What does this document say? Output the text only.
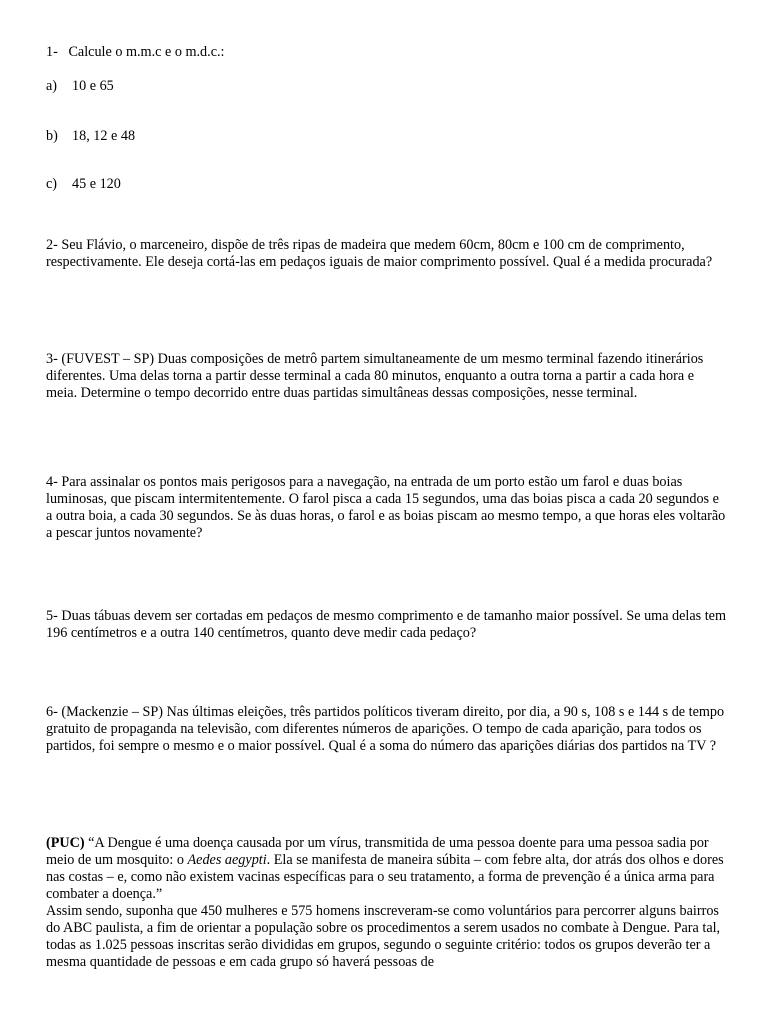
1-   Calcule o m.m.c e o m.d.c.:

a) 10 e 65

b) 18, 12 e 48

c) 45 e 120

2- Seu Flávio, o marceneiro, dispõe de três ripas de madeira que medem 60cm, 80cm e 100 cm de comprimento, respectivamente. Ele deseja cortá-las em pedaços iguais de maior comprimento possível. Qual é a medida procurada?

3- (FUVEST – SP) Duas composições de metrô partem simultaneamente de um mesmo terminal fazendo itinerários diferentes. Uma delas torna a partir desse terminal a cada 80 minutos, enquanto a outra torna a partir a cada hora e meia. Determine o tempo decorrido entre duas partidas simultâneas dessas composições, nesse terminal.

4- Para assinalar os pontos mais perigosos para a navegação, na entrada de um porto estão um farol e duas boias luminosas, que piscam intermitentemente. O farol pisca a cada 15 segundos, uma das boias pisca a cada 20 segundos e a outra boia, a cada 30 segundos. Se às duas horas, o farol e as boias piscam ao mesmo tempo, a que horas eles voltarão a pescar juntos novamente?

5- Duas tábuas devem ser cortadas em pedaços de mesmo comprimento e de tamanho maior possível. Se uma delas tem 196 centímetros e a outra 140 centímetros, quanto deve medir cada pedaço?

6- (Mackenzie – SP) Nas últimas eleições, três partidos políticos tiveram direito, por dia, a 90 s, 108 s e 144 s de tempo gratuito de propaganda na televisão, com diferentes números de aparições. O tempo de cada aparição, para todos os partidos, foi sempre o mesmo e o maior possível. Qual é a soma do número das aparições diárias dos partidos na TV ?

(PUC) “A Dengue é uma doença causada por um vírus, transmitida de uma pessoa doente para uma pessoa sadia por meio de um mosquito: o Aedes aegypti. Ela se manifesta de maneira súbita – com febre alta, dor atrás dos olhos e dores nas costas – e, como não existem vacinas específicas para o seu tratamento, a forma de prevenção é a única arma para combater a doença.”

Assim sendo, suponha que 450 mulheres e 575 homens inscreveram-se como voluntários para percorrer alguns bairros do ABC paulista, a fim de orientar a população sobre os procedimentos a serem usados no combate à Dengue. Para tal, todas as 1.025 pessoas inscritas serão divididas em grupos, segundo o seguinte critério: todos os grupos deverão ter a mesma quantidade de pessoas e em cada grupo só haverá pessoas de
